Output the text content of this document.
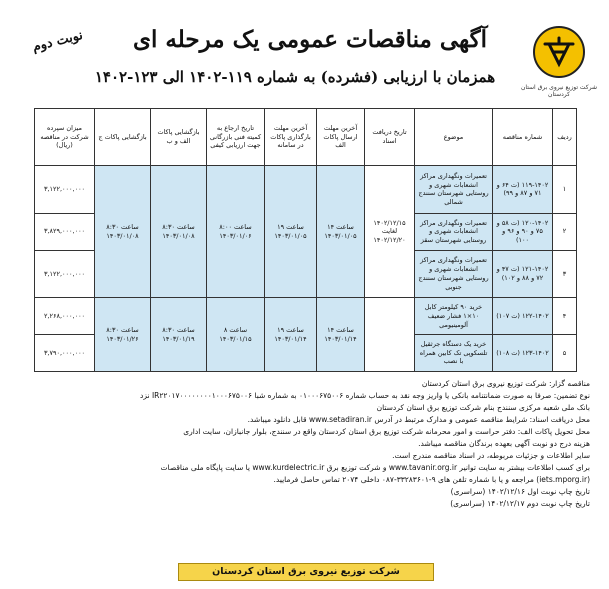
شرکت توزیع نیروی برق استان کردستان
آگهی مناقصات عمومی یک مرحله ای
همزمان با ارزیابی (فشرده) به شماره ۱۱۹-۱۴۰۲ الی ۱۲۳-۱۴۰۲
نوبت دوم
ردیف	شماره مناقصه	موضوع	تاریخ دریافت اسناد	آخرین مهلت ارسال پاکات الف	آخرین مهلت بارگذاری پاکات در سامانه	تاریخ ارجاع به کمیته فنی بازرگانی جهت ارزیابی کیفی	بازگشایی پاکات الف و ب	بازگشایی پاکات ج	میزان سپرده شرکت در مناقصه (ریال)
۱	۱۱۹-۱۴۰۲ (ت ۶۴ و ۷۱ و ۸۷ و ۹۹)	تعمیرات ونگهداری مراکز انشعابات شهری و روستایی شهرستان سنندج شمالی	۱۴۰۲/۱۲/۱۵ لغایت ۱۴۰۲/۱۲/۲۰	ساعت ۱۴ ۱۴۰۳/۰۱/۰۵	ساعت ۱۹ ۱۴۰۳/۰۱/۰۵	ساعت ۸:۰۰ ۱۴۰۳/۰۱/۰۶	ساعت ۸:۳۰ ۱۴۰۳/۰۱/۰۸	ساعت ۸:۳۰ ۱۴۰۳/۰۱/۰۸	۳,۱۲۲,۰۰۰,۰۰۰
۲	۱۲۰-۱۴۰۲ (ت ۵۸ و ۷۵ و ۹۰ و ۹۶ و ۱۰۰)	تعمیرات ونگهداری مراکز انشعابات شهری و روستایی شهرستان سقز							۳,۸۲۹,۰۰۰,۰۰۰
۳	۱۲۱-۱۴۰۲ (ت ۴۷ و ۷۲ و ۸۸ و ۱۰۲)	تعمیرات ونگهداری مراکز انشعابات شهری و روستایی شهرستان سنندج جنوبی							۳,۱۲۲,۰۰۰,۰۰۰
۴	۱۲۲-۱۴۰۲ (ت ۱۰۷)	خرید ۹۰ کیلومتر کابل ۱۰×۱ فشار ضعیف آلومینیومی		ساعت ۱۴ ۱۴۰۳/۰۱/۱۴	ساعت ۱۹ ۱۴۰۳/۰۱/۱۴	ساعت ۸ ۱۴۰۳/۰۱/۱۵	ساعت ۸:۳۰ ۱۴۰۳/۰۱/۱۹	ساعت ۸:۳۰ ۱۴۰۳/۰۱/۲۶	۲,۲۶۸,۰۰۰,۰۰۰
۵	۱۲۳-۱۴۰۲ (ت ۱۰۸)	خرید یک دستگاه جرثقیل تلسکوپی تک کابین همراه با نصب							۳,۷۹۰,۰۰۰,۰۰۰

مناقصه گزار: شرکت توزیع نیروی برق استان کردستان

نوع تضمین: صرفا به صورت ضمانتنامه بانکی یا واریز وجه نقد به حساب شماره ۰۱۰۰۰۶۷۵۰۰۶ به شماره شبا IR۲۲۰۱۷۰۰۰۰۰۰۰۰۱۰۰۰۶۷۵۰۰۶ نزد

بانک ملی شعبه مرکزی سنندج بنام شرکت توزیع برق استان کردستان

محل دریافت اسناد: شرایط مناقصه عمومی و مدارک مرتبط در آدرس www.setadiran.ir قابل دانلود میباشد.

محل تحویل پاکات الف: دفتر حراست و امور محرمانه شرکت توزیع برق استان کردستان واقع در سنندج، بلوار جانبازان، سایت اداری

هزینه درج دو نوبت آگهی بعهده برندگان مناقصه میباشد.

سایر اطلاعات و جزئیات مربوطه، در اسناد مناقصه مندرج است.

برای کسب اطلاعات بیشتر به سایت توانیر www.tavanir.org.ir و شرکت توزیع برق www.kurdelectric.ir یا سایت پایگاه ملی مناقصات

(iets.mporg.ir) مراجعه و یا با شماره تلفن های ۹-۳۳۲۸۳۶۰۱-۰۸۷ داخلی ۲۰۷۴ تماس حاصل فرمایید.

تاریخ چاپ نوبت اول ۱۴۰۲/۱۲/۱۶ (سراسری)

تاریخ چاپ نوبت دوم ۱۴۰۲/۱۲/۱۷ (سراسری)

شرکت توزیع نیروی برق استان کردستان
